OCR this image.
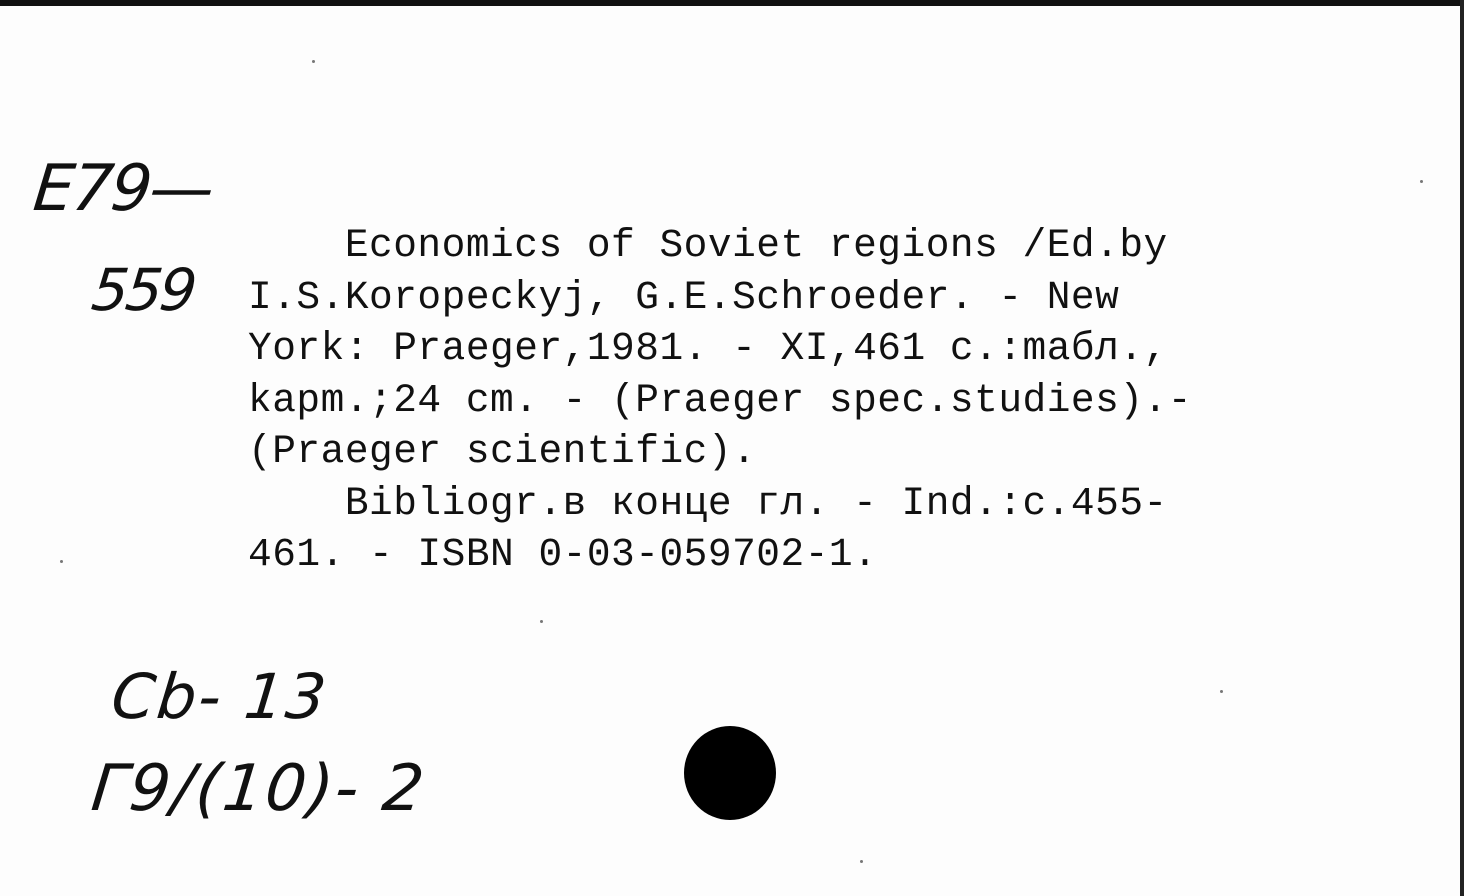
E79—
559
Economics of Soviet regions /Ed.by
I.S.Koropeckyj, G.E.Schroeder. - New
York: Praeger,1981. - XI,461 c.:maбл.,
kapm.;24 cm. - (Praeger spec.studies).-
(Praeger scientific).
Bibliogr.в конце гл. - Ind.:c.455-
461. - ISBN 0-03-059702-1.
Cb- 13
Г9/(10)- 2
